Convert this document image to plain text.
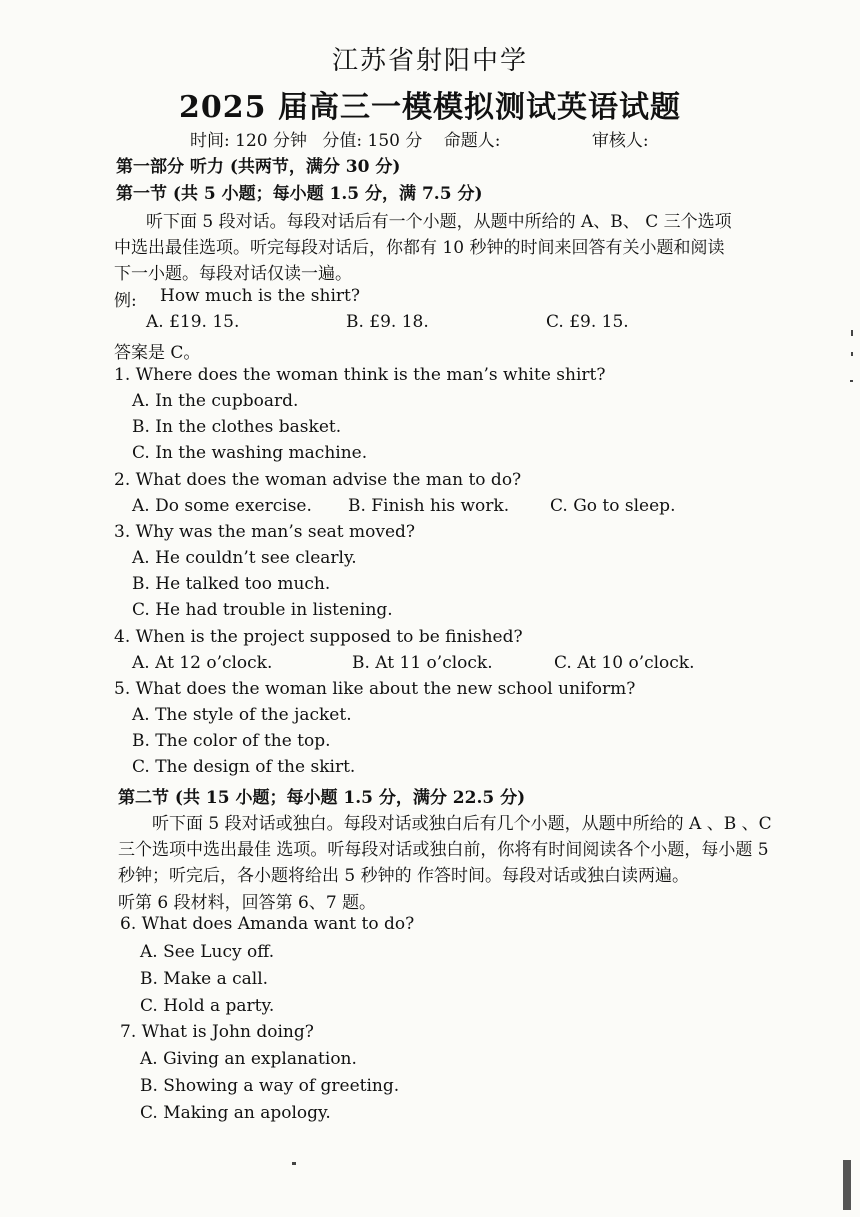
江苏省射阳中学
2025 届高三一模模拟测试英语试题
时间: 120 分钟 分值: 150 分 命题人:	审核人:
第一部分 听力 (共两节，满分 30 分)
第一节 (共 5 小题；每小题 1.5 分，满 7.5 分)
听下面 5 段对话。每段对话后有一个小题，从题中所给的 A、B、 C 三个选项
中选出最佳选项。听完每段对话后，你都有 10 秒钟的时间来回答有关小题和阅读
下一小题。每段对话仅读一遍。
例: How much is the shirt?
A. £19. 15.	B. £9. 18.	C. £9. 15.
答案是 C。
1. Where does the woman think is the man’s white shirt?
A. In the cupboard.
B. In the clothes basket.
C. In the washing machine.
2. What does the woman advise the man to do?
A. Do some exercise. B. Finish his work. C. Go to sleep.
3. Why was the man’s seat moved?
A. He couldn’t see clearly.
B. He talked too much.
C. He had trouble in listening.
4. When is the project supposed to be finished?
A. At 12 o’clock.	B. At 11 o’clock.	C. At 10 o’clock.
5. What does the woman like about the new school uniform?
A. The style of the jacket.
B. The color of the top.
C. The design of the skirt.
第二节 (共 15 小题；每小题 1.5 分，满分 22.5 分)
听下面 5 段对话或独白。每段对话或独白后有几个小题，从题中所给的 A 、B 、C
三个选项中选出最佳 选项。听每段对话或独白前，你将有时间阅读各个小题，每小题 5
秒钟；听完后，各小题将给出 5 秒钟的 作答时间。每段对话或独白读两遍。
听第 6 段材料，回答第 6、7 题。
6. What does Amanda want to do?
A. See Lucy off.
B. Make a call.
C. Hold a party.
7. What is John doing?
A. Giving an explanation.
B. Showing a way of greeting.
C. Making an apology.
